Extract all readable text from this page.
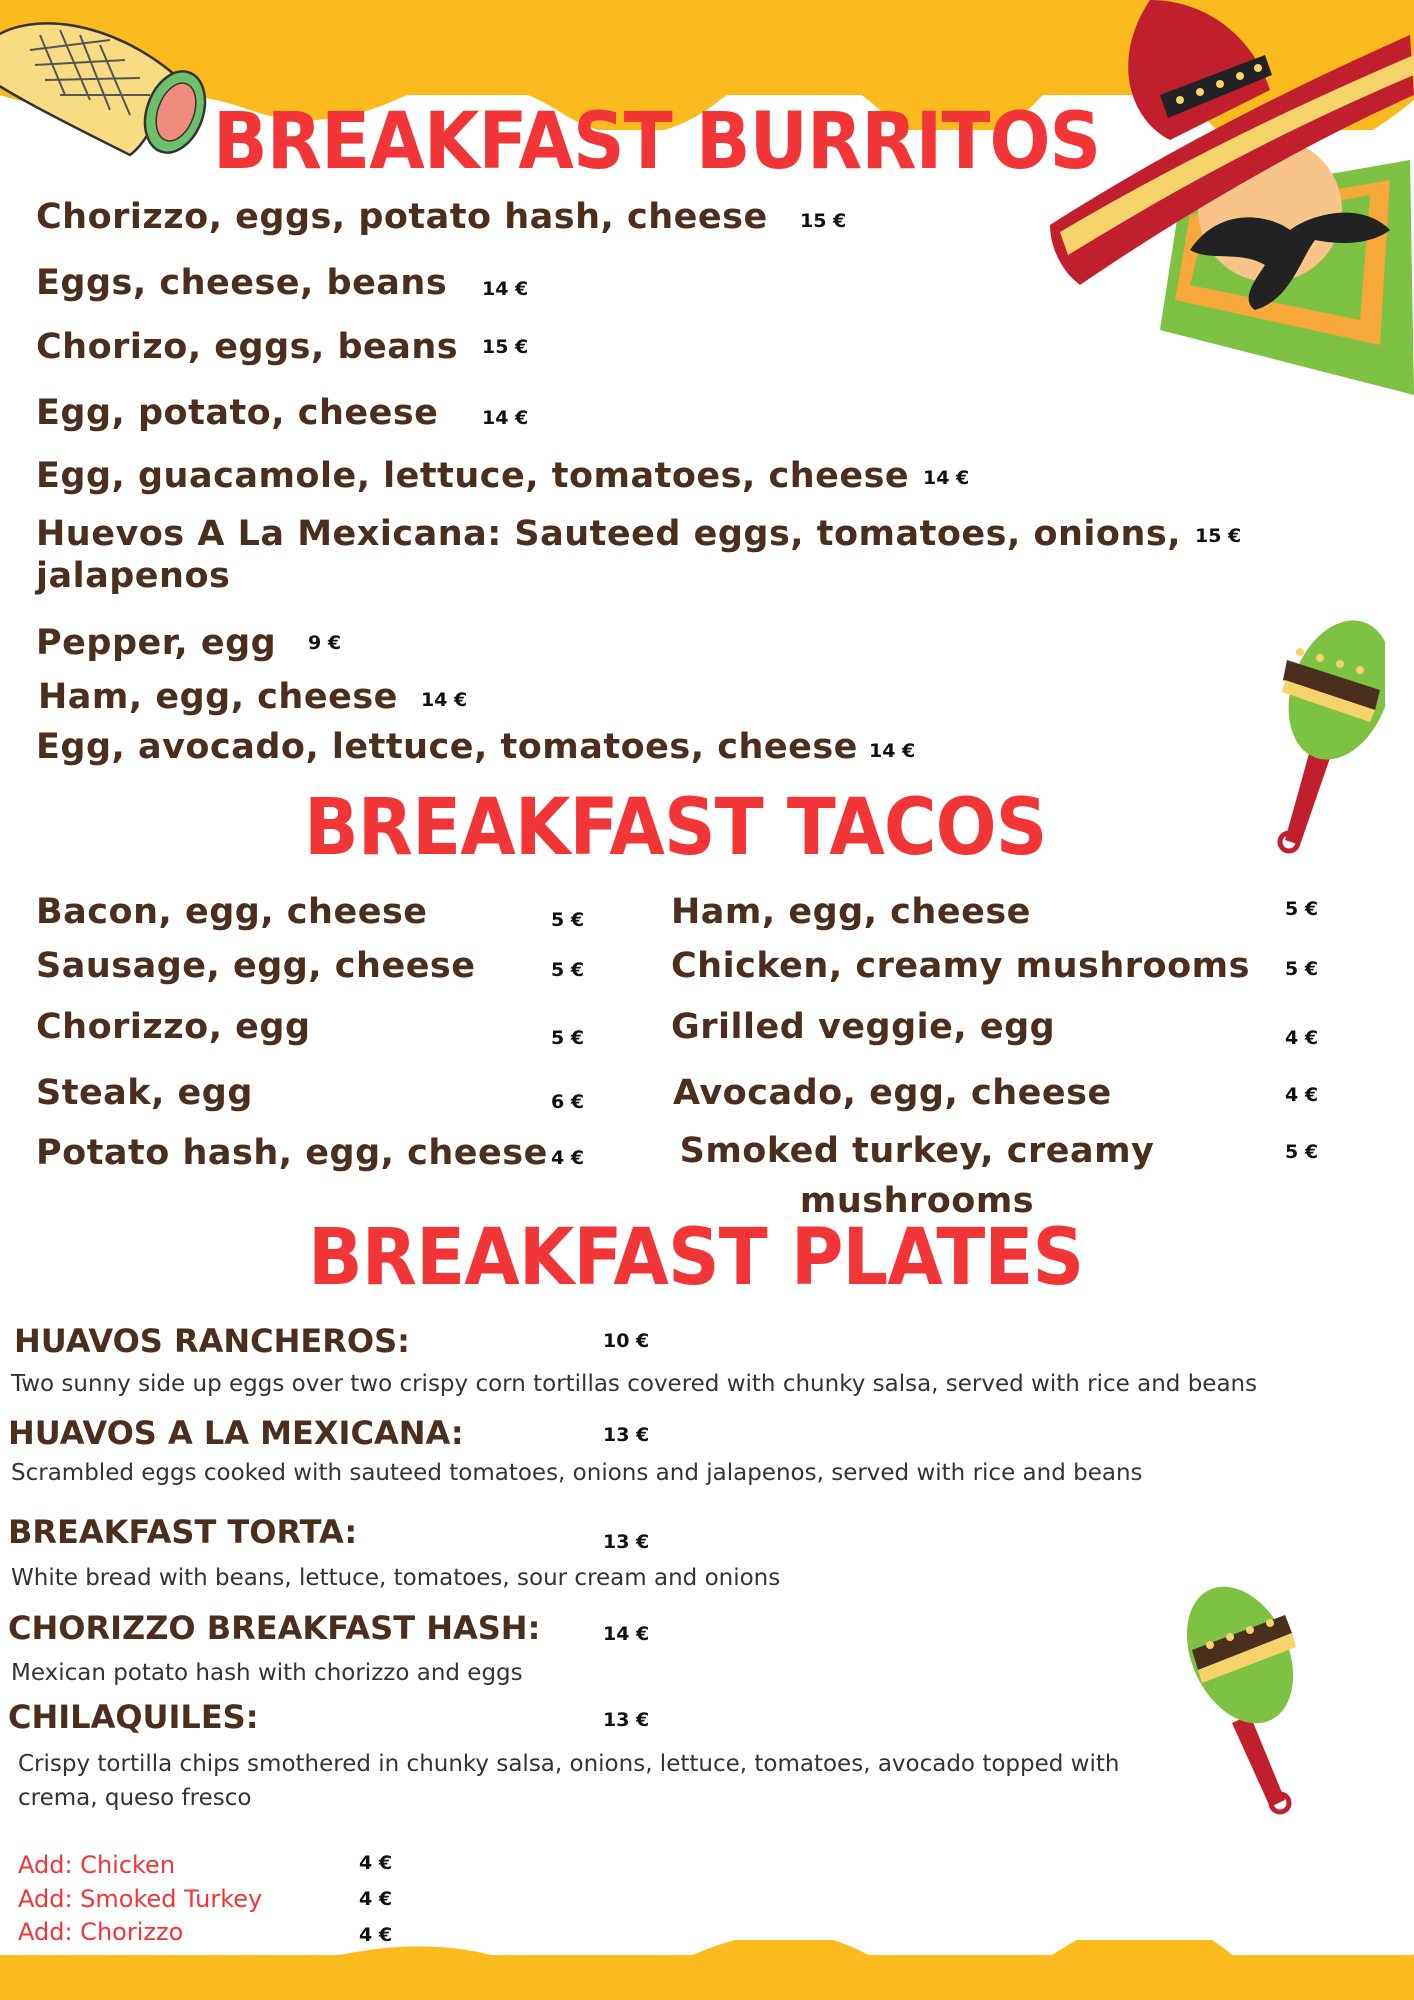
BREAKFAST BURRITOS
Chorizzo, eggs, potato hash, cheese 15 €
Eggs, cheese, beans 14 €
Chorizo, eggs, beans 15 €
Egg, potato, cheese 14 €
Egg, guacamole, lettuce, tomatoes, cheese 14 €
Huevos A La Mexicana: Sauteed eggs, tomatoes, onions, jalapenos
15 €
Pepper, egg 9 €
Ham, egg, cheese 14 €
Egg, avocado, lettuce, tomatoes, cheese 14 €
BREAKFAST TACOS
Bacon, egg, cheese	5 €
Sausage, egg, cheese	5 €
Chorizzo, egg	5 €
Steak, egg	6 €
Potato hash, egg, cheese 4 €
Ham, egg, cheese	5 €
Chicken, creamy mushrooms 5 €
Grilled veggie, egg	4 €
Avocado, egg, cheese	4 €
Smoked turkey, creamy mushrooms
5 €
BREAKFAST PLATES
HUAVOS RANCHEROS:	10 €
Two sunny side up eggs over two crispy corn tortillas covered with chunky salsa, served with rice and beans
HUAVOS A LA MEXICANA:	13 €
Scrambled eggs cooked with sauteed tomatoes, onions and jalapenos, served with rice and beans
BREAKFAST TORTA:	13 €
White bread with beans, lettuce, tomatoes, sour cream and onions
CHORIZZO BREAKFAST HASH:	14 €
Mexican potato hash with chorizzo and eggs
CHILAQUILES:	13 €
Crispy tortilla chips smothered in chunky salsa, onions, lettuce, tomatoes, avocado topped with crema, queso fresco
Add: Chicken	4 €
Add: Smoked Turkey	4 €
Add: Chorizzo	4 €
